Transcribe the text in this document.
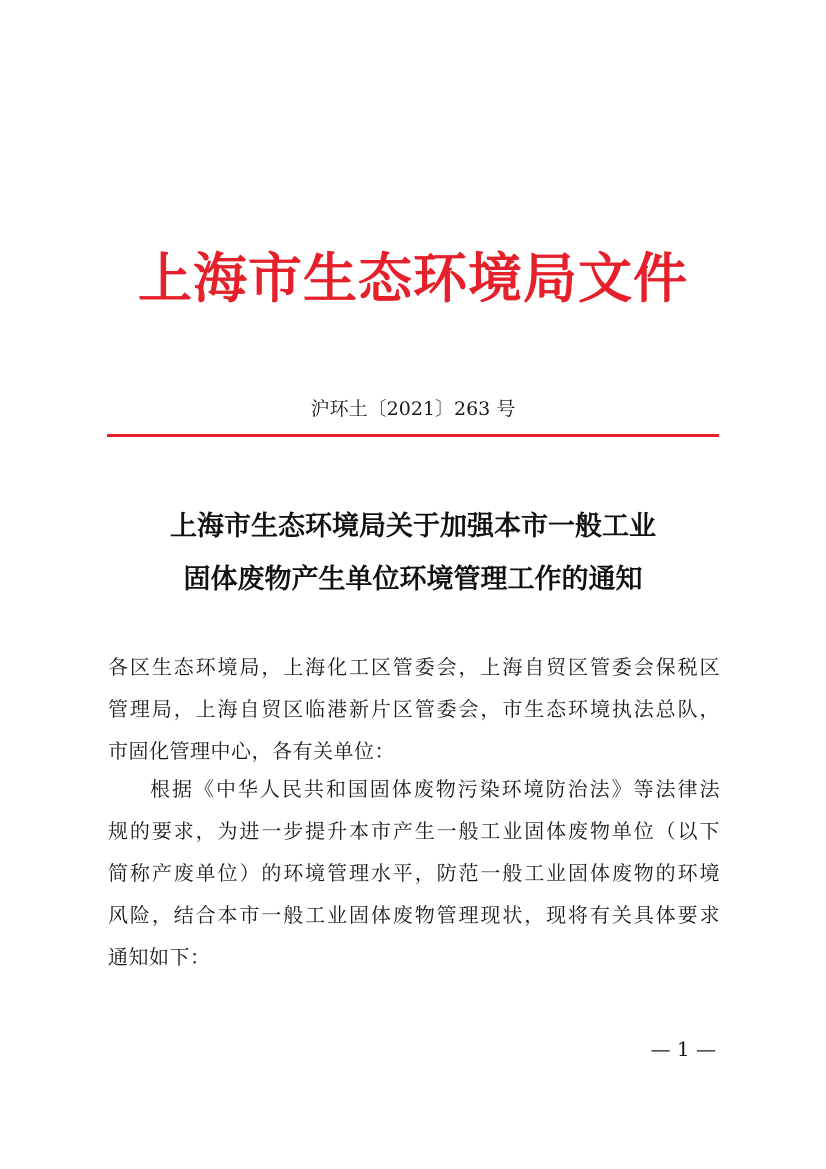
上海市生态环境局文件
沪环土〔2021〕263 号
上海市生态环境局关于加强本市一般工业
固体废物产生单位环境管理工作的通知
各区生态环境局，上海化工区管委会，上海自贸区管委会保税区
管理局，上海自贸区临港新片区管委会，市生态环境执法总队，
市固化管理中心，各有关单位：
根据《中华人民共和国固体废物污染环境防治法》等法律法
规的要求，为进一步提升本市产生一般工业固体废物单位（以下
简称产废单位）的环境管理水平，防范一般工业固体废物的环境
风险，结合本市一般工业固体废物管理现状，现将有关具体要求
通知如下：
— 1 —
